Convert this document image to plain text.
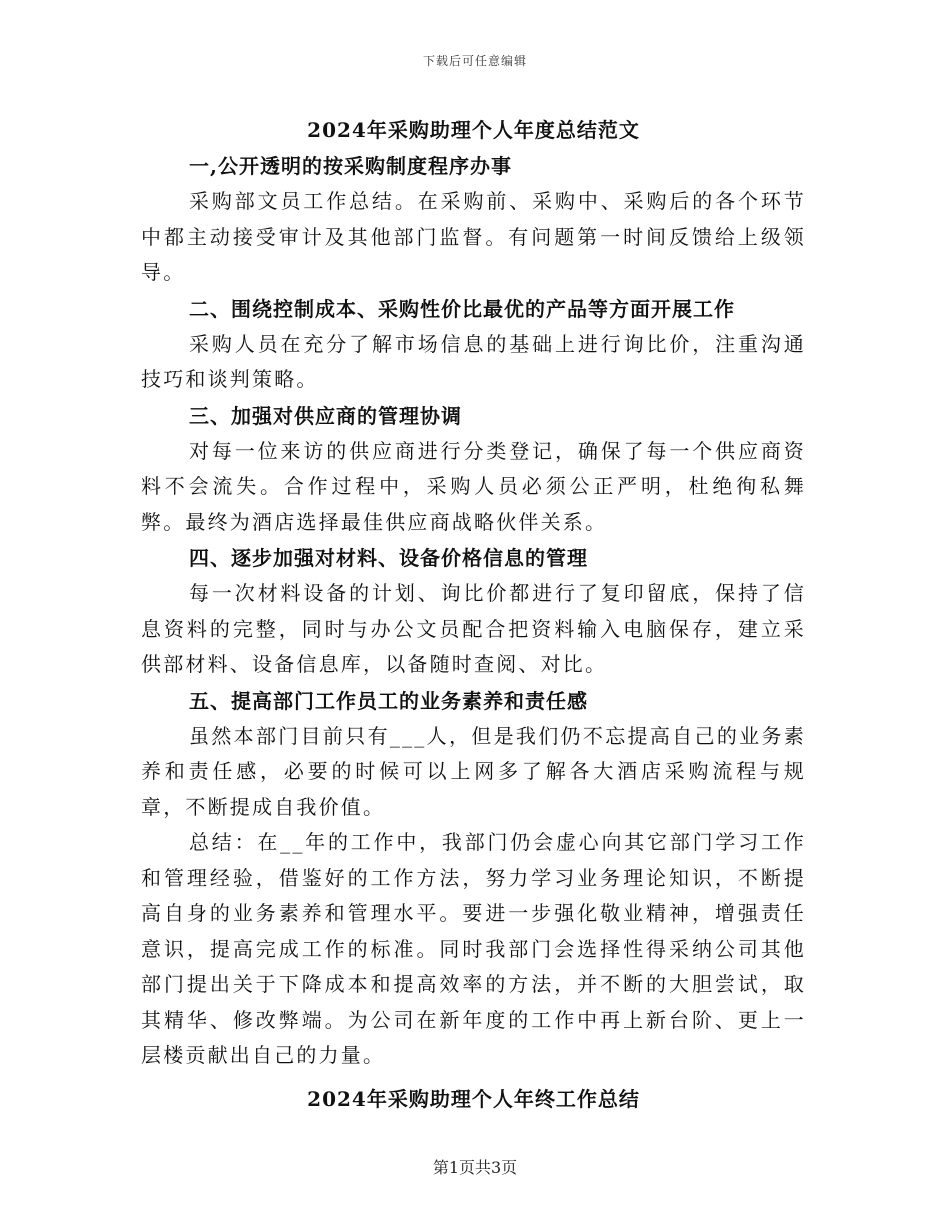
下载后可任意编辑
2024年采购助理个人年度总结范文

一,公开透明的按采购制度程序办事

采购部文员工作总结。在采购前、采购中、采购后的各个环节中都主动接受审计及其他部门监督。有问题第一时间反馈给上级领导。

二、围绕控制成本、采购性价比最优的产品等方面开展工作

采购人员在充分了解市场信息的基础上进行询比价，注重沟通技巧和谈判策略。

三、加强对供应商的管理协调

对每一位来访的供应商进行分类登记，确保了每一个供应商资料不会流失。合作过程中，采购人员必须公正严明，杜绝徇私舞弊。最终为酒店选择最佳供应商战略伙伴关系。

四、逐步加强对材料、设备价格信息的管理

每一次材料设备的计划、询比价都进行了复印留底，保持了信息资料的完整，同时与办公文员配合把资料输入电脑保存，建立采供部材料、设备信息库，以备随时查阅、对比。

五、提高部门工作员工的业务素养和责任感

虽然本部门目前只有___人，但是我们仍不忘提高自己的业务素养和责任感，必要的时候可以上网多了解各大酒店采购流程与规章，不断提成自我价值。

总结：在__年的工作中，我部门仍会虚心向其它部门学习工作和管理经验，借鉴好的工作方法，努力学习业务理论知识，不断提高自身的业务素养和管理水平。要进一步强化敬业精神，增强责任意识，提高完成工作的标准。同时我部门会选择性得采纳公司其他部门提出关于下降成本和提高效率的方法，并不断的大胆尝试，取其精华、修改弊端。为公司在新年度的工作中再上新台阶、更上一层楼贡献出自己的力量。

2024年采购助理个人年终工作总结
第1页共3页
